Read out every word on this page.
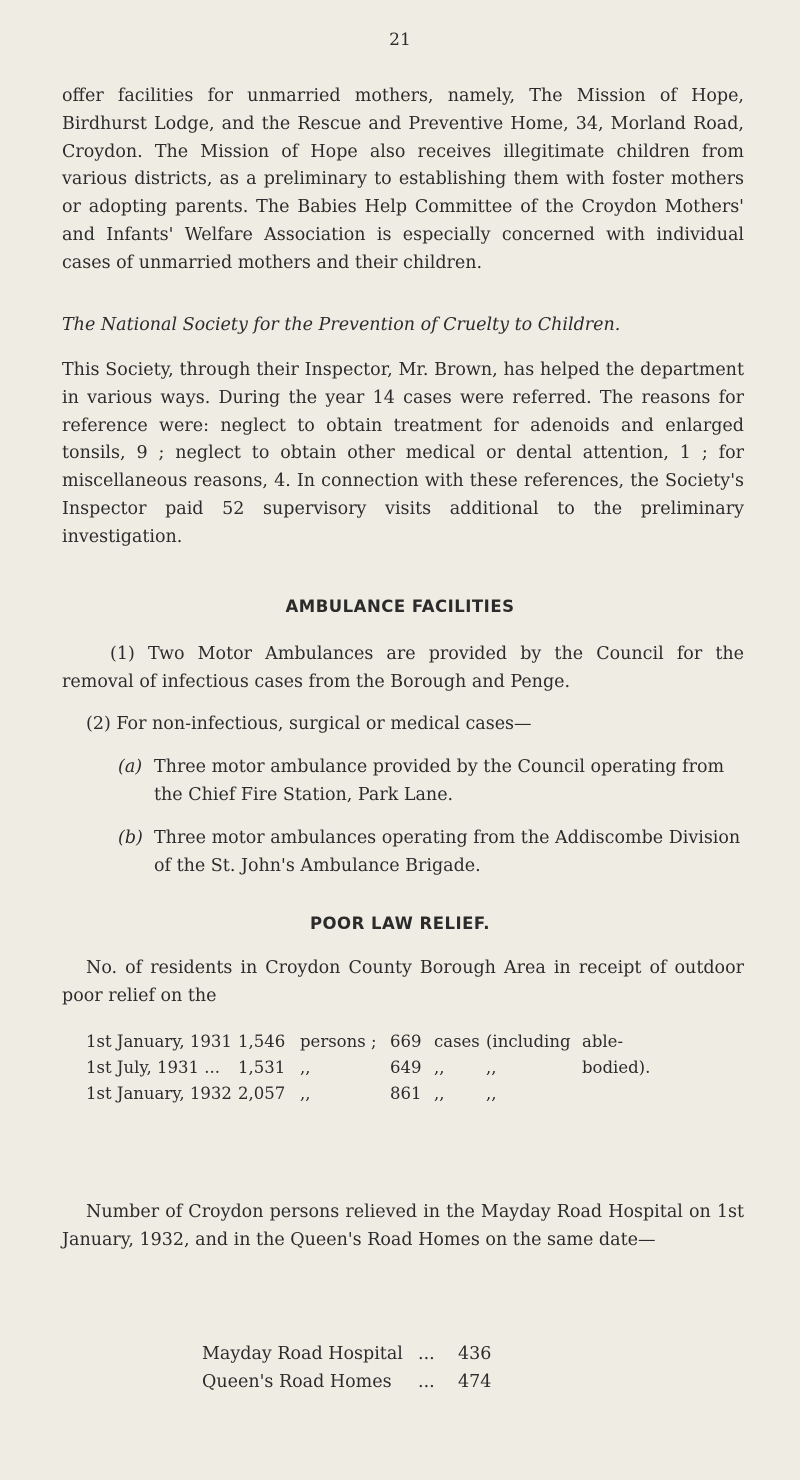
21

offer facilities for unmarried mothers, namely, The Mission of Hope, Birdhurst Lodge, and the Rescue and Preventive Home, 34, Morland Road, Croydon. The Mission of Hope also receives illegitimate children from various districts, as a preliminary to establishing them with foster mothers or adopting parents. The Babies Help Committee of the Croydon Mothers' and Infants' Welfare Association is especially concerned with individual cases of unmarried mothers and their children.

The National Society for the Prevention of Cruelty to Children.

This Society, through their Inspector, Mr. Brown, has helped the department in various ways. During the year 14 cases were referred. The reasons for reference were: neglect to obtain treatment for adenoids and enlarged tonsils, 9 ; neglect to obtain other medical or dental attention, 1 ; for miscellaneous reasons, 4. In connection with these references, the Society's Inspector paid 52 supervisory visits additional to the preliminary investigation.

AMBULANCE FACILITIES

(1) Two Motor Ambulances are provided by the Council for the removal of infectious cases from the Borough and Penge.

(2) For non-infectious, surgical or medical cases—

(a) Three motor ambulance provided by the Council operating from the Chief Fire Station, Park Lane.
(b) Three motor ambulances operating from the Addiscombe Division of the St. John's Ambulance Brigade.
POOR LAW RELIEF.

No. of residents in Croydon County Borough Area in receipt of outdoor poor relief on the

1st January, 1931	1,546	persons ;	669	cases	(including	able-
1st July, 1931 ...	1,531	,,	649	,,	,,	bodied).
1st January, 1932	2,057	,,	861	,,	,,	

Number of Croydon persons relieved in the Mayday Road Hospital on 1st January, 1932, and in the Queen's Road Homes on the same date—

Mayday Road Hospital	...	436
Queen's Road Homes	...	474
